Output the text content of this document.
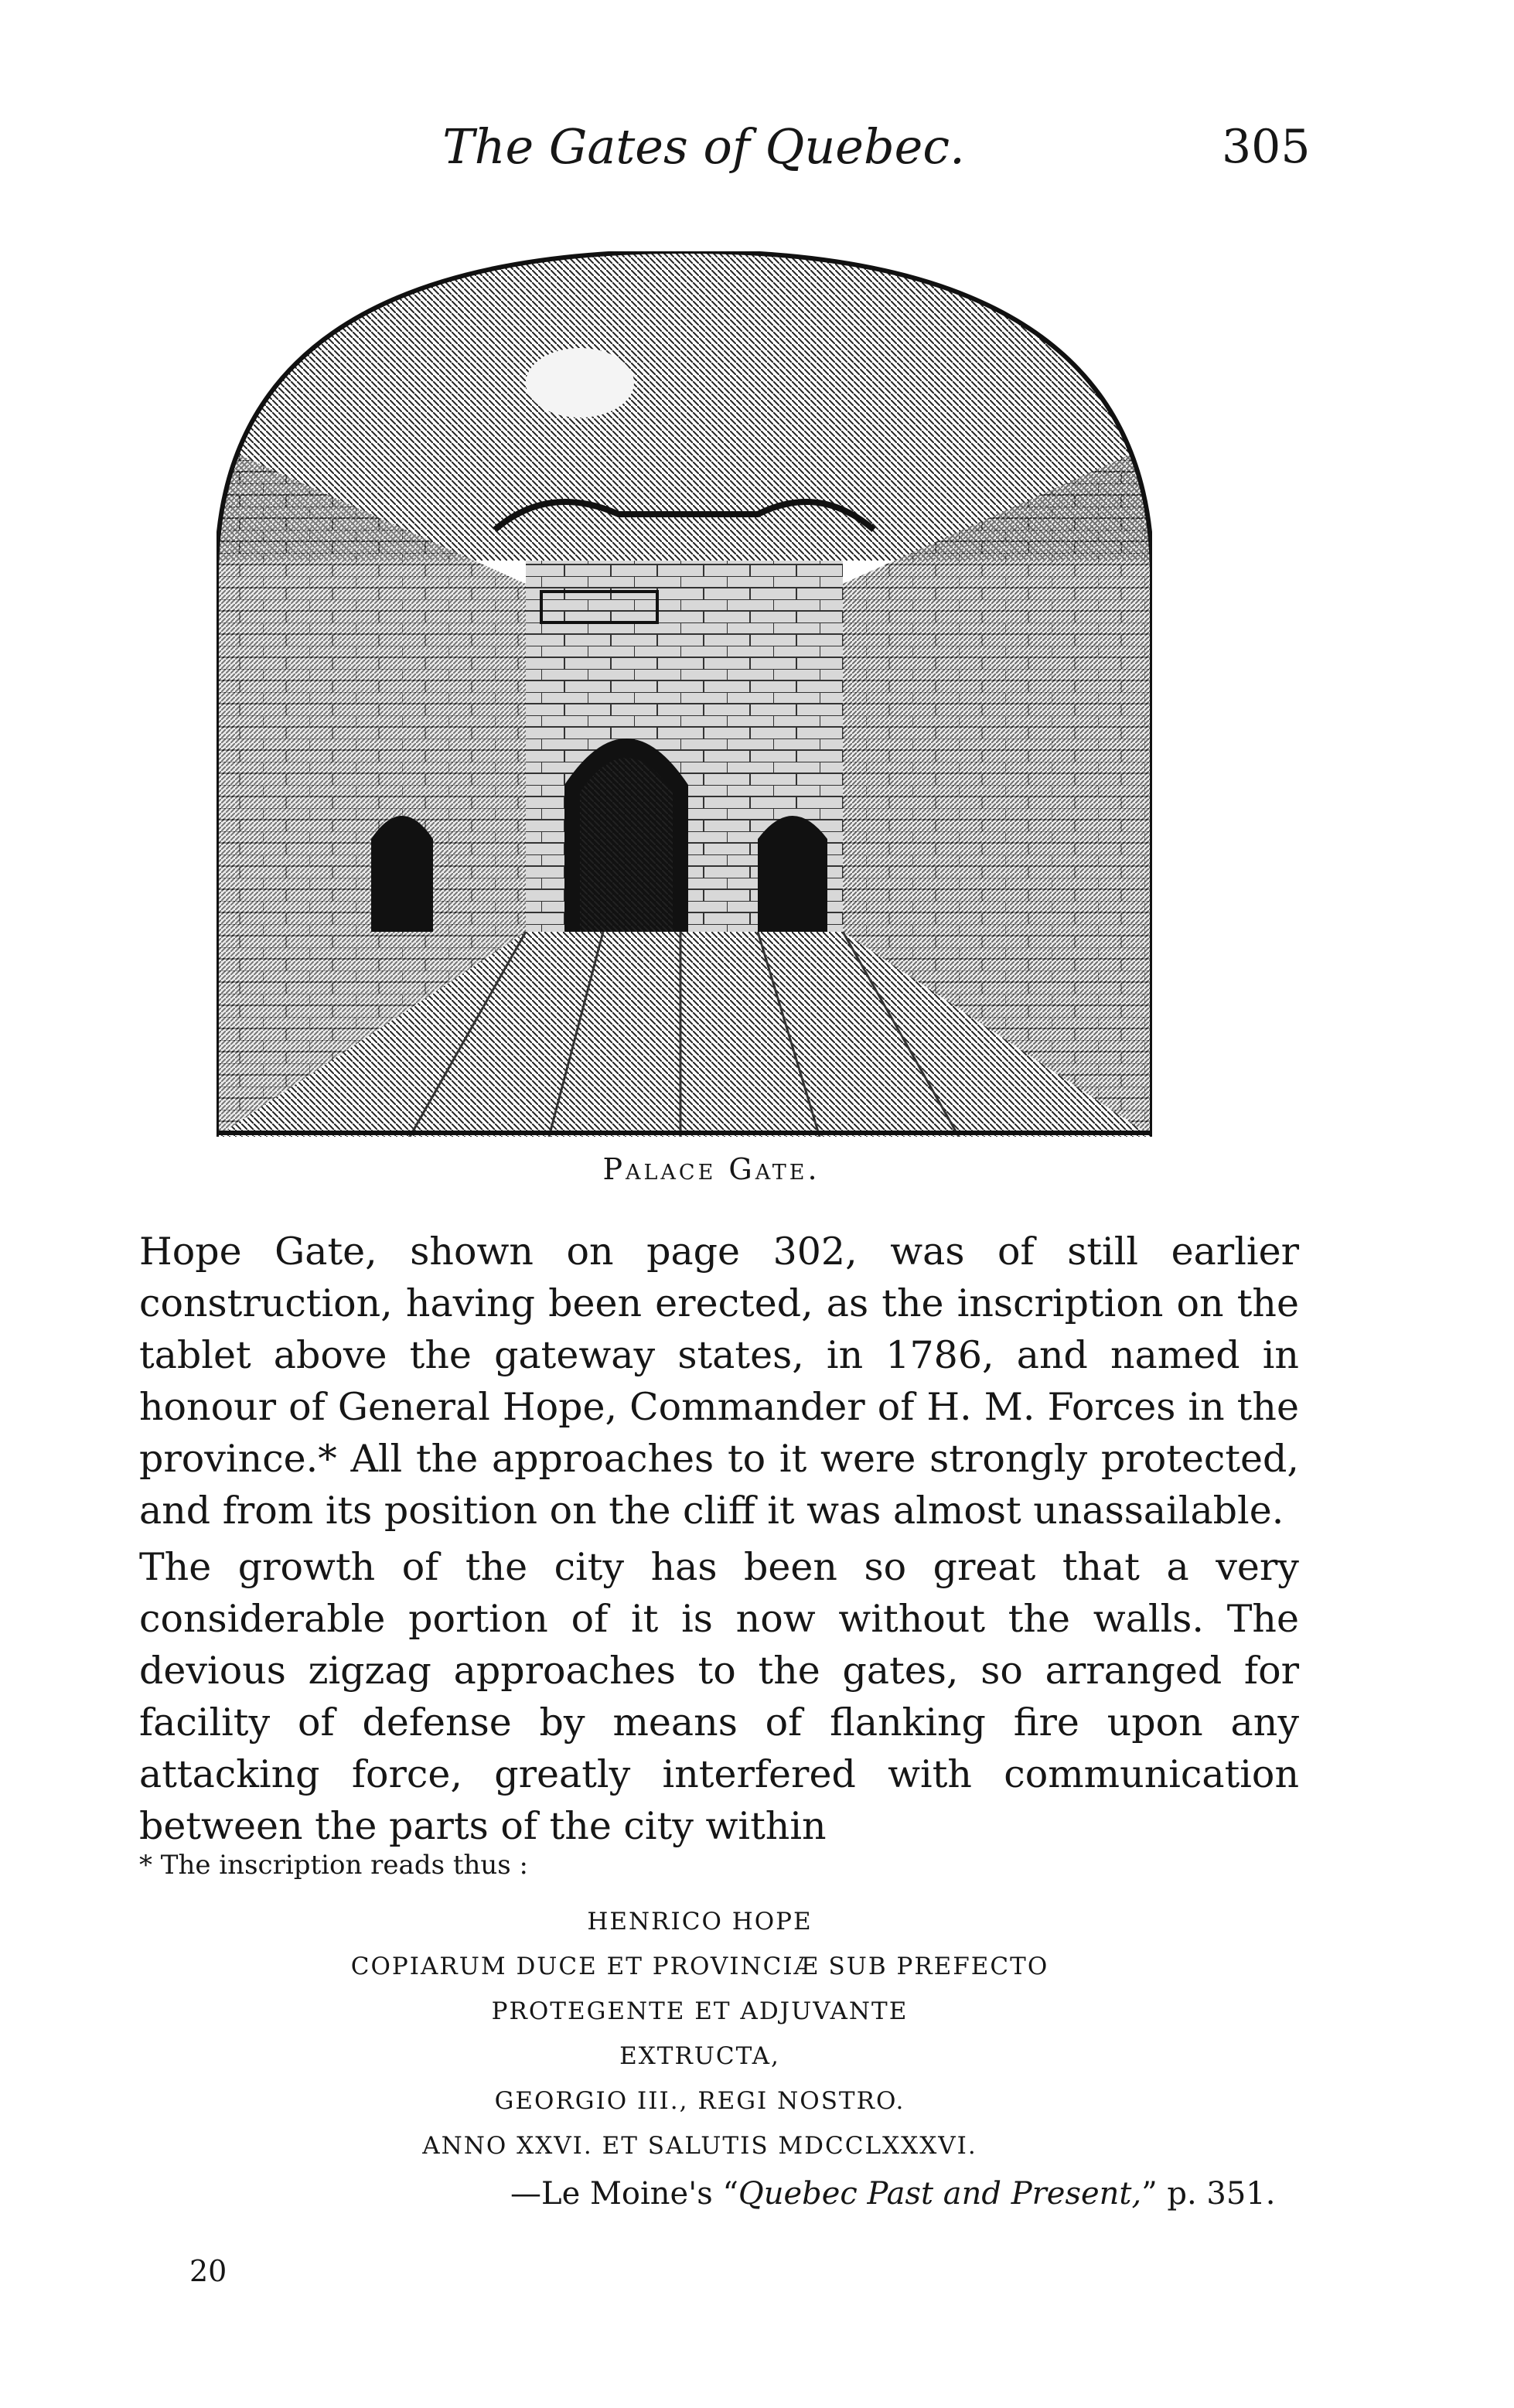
The Gates of Quebec.	305
Palace Gate.

Hope Gate, shown on page 302, was of still earlier construction, having been erected, as the inscription on the tablet above the gateway states, in 1786, and named in honour of General Hope, Commander of H. M. Forces in the province.* All the approaches to it were strongly protected, and from its position on the cliff it was almost unassailable.

The growth of the city has been so great that a very considerable portion of it is now without the walls. The devious zigzag approaches to the gates, so arranged for facility of defense by means of flanking fire upon any attacking force, greatly interfered with communication between the parts of the city within

* The inscription reads thus :
HENRICO HOPE
COPIARUM DUCE ET PROVINCIÆ SUB PREFECTO
PROTEGENTE ET ADJUVANTE
EXTRUCTA,
GEORGIO III., REGI NOSTRO.
ANNO XXVI. ET SALUTIS MDCCLXXXVI.
—Le Moine's “Quebec Past and Present,” p. 351.
20
